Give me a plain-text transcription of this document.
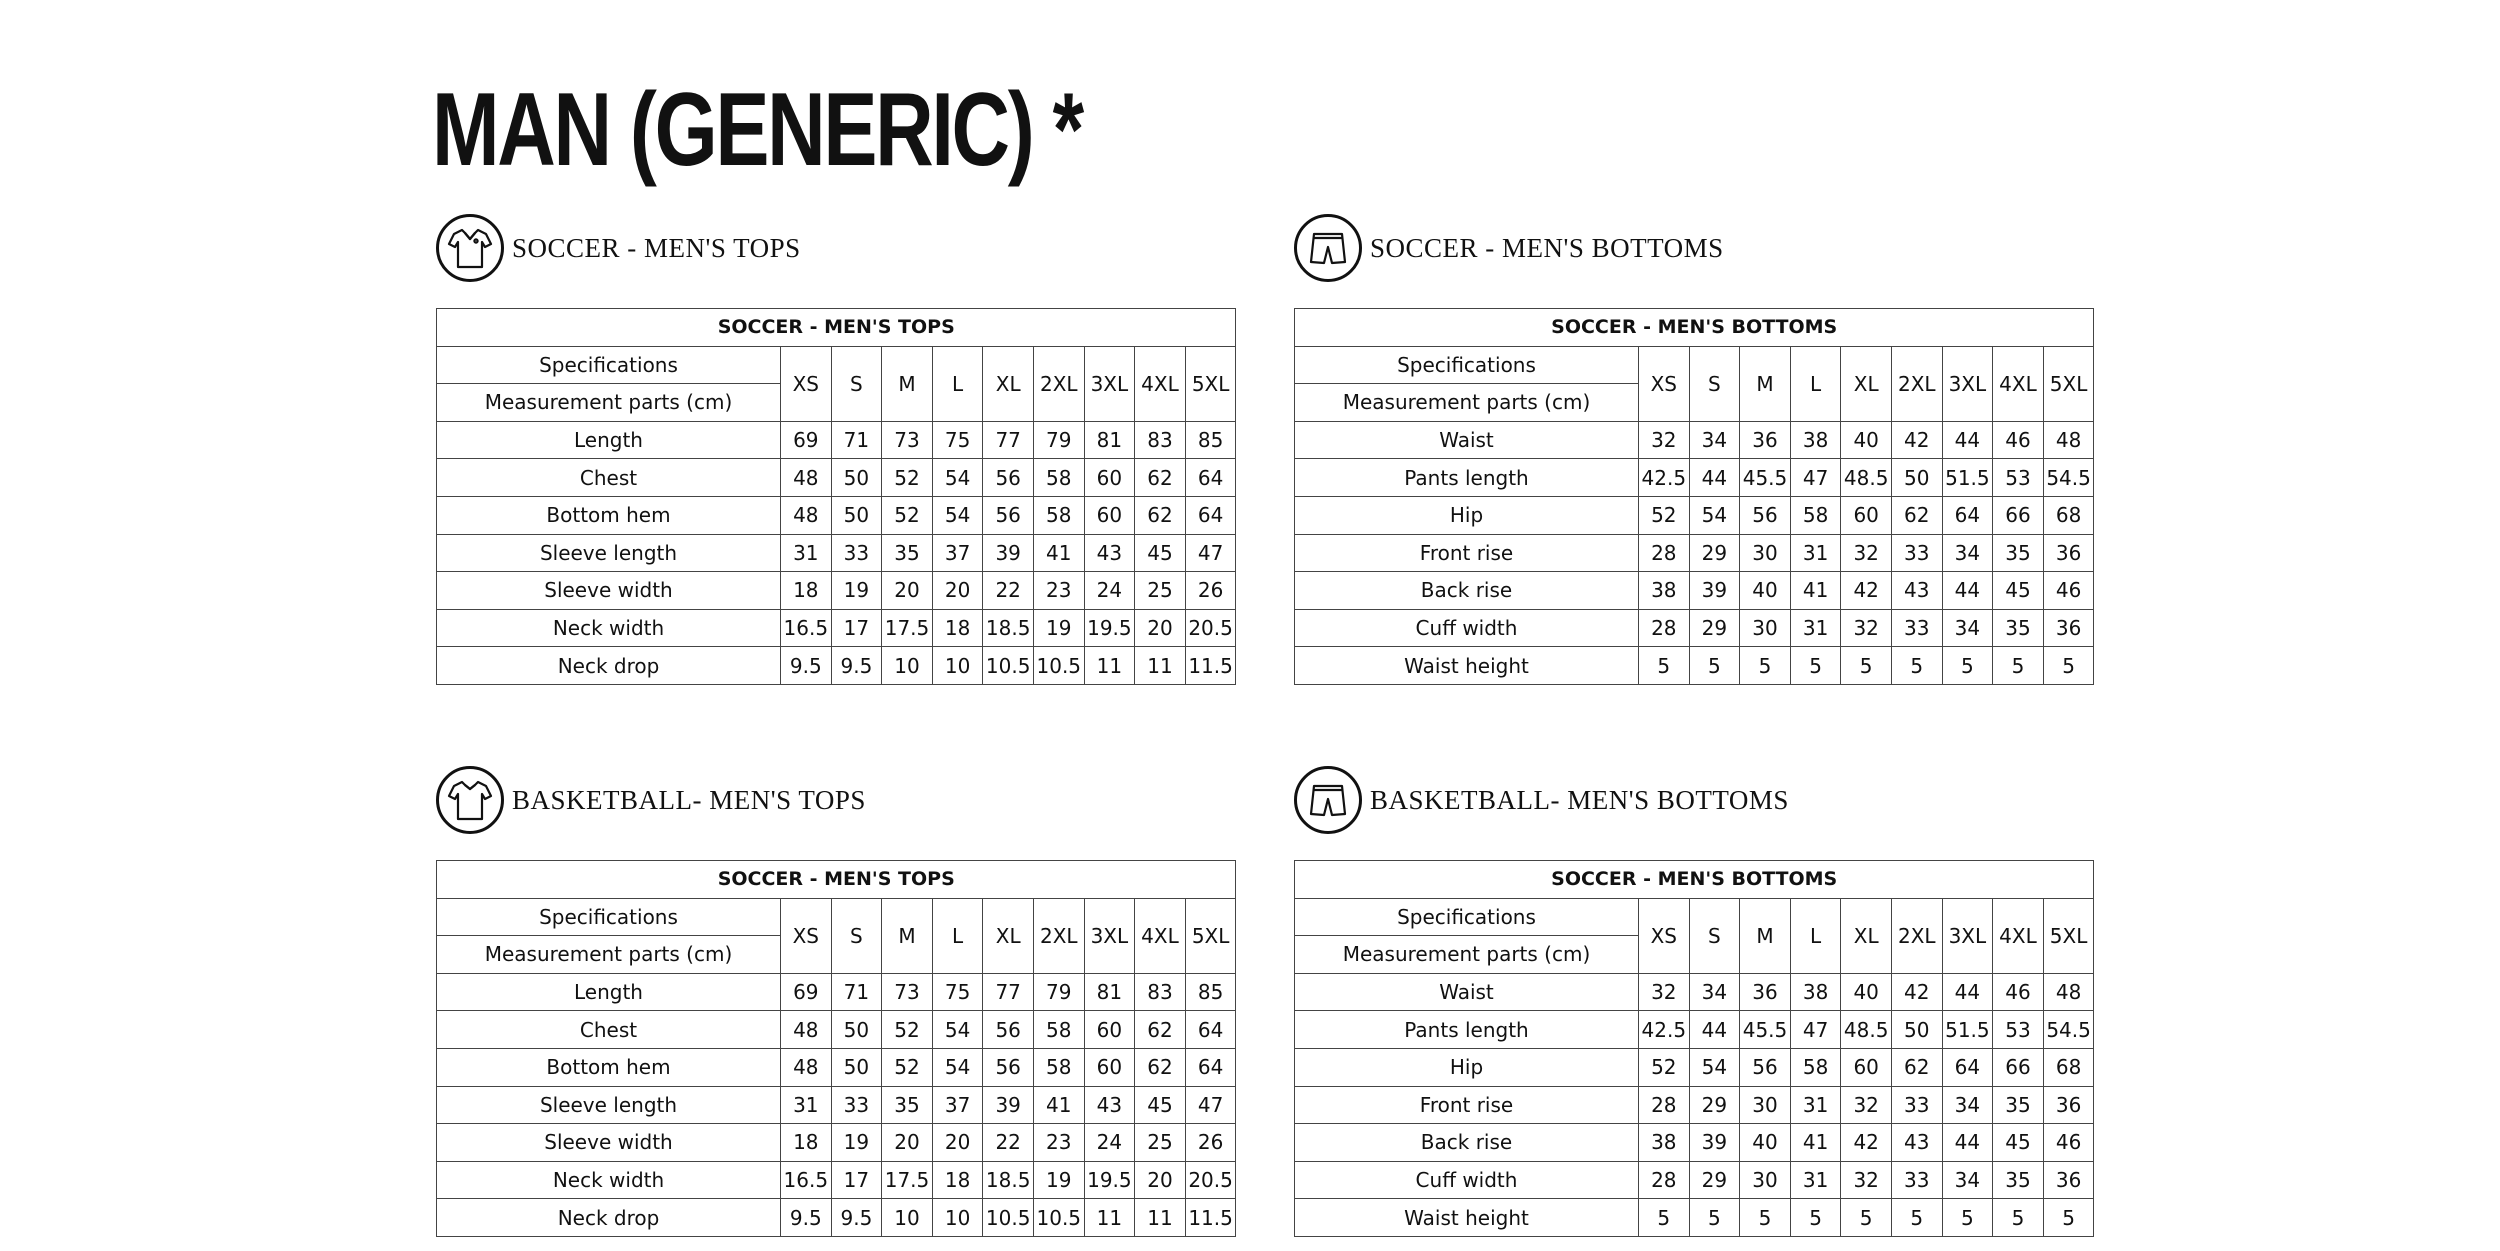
MAN (GENERIC) *
SOCCER - MEN'S TOPS
SOCCER - MEN'S TOPS									
Specifications	XS	S	M	L	XL	2XL	3XL	4XL	5XL
Measurement parts (cm)									
Length	69	71	73	75	77	79	81	83	85
Chest	48	50	52	54	56	58	60	62	64
Bottom hem	48	50	52	54	56	58	60	62	64
Sleeve length	31	33	35	37	39	41	43	45	47
Sleeve width	18	19	20	20	22	23	24	25	26
Neck width	16.5	17	17.5	18	18.5	19	19.5	20	20.5
Neck drop	9.5	9.5	10	10	10.5	10.5	11	11	11.5
SOCCER - MEN'S BOTTOMS
SOCCER - MEN'S BOTTOMS									
Specifications	XS	S	M	L	XL	2XL	3XL	4XL	5XL
Measurement parts (cm)									
Waist	32	34	36	38	40	42	44	46	48
Pants length	42.5	44	45.5	47	48.5	50	51.5	53	54.5
Hip	52	54	56	58	60	62	64	66	68
Front rise	28	29	30	31	32	33	34	35	36
Back rise	38	39	40	41	42	43	44	45	46
Cuff width	28	29	30	31	32	33	34	35	36
Waist height	5	5	5	5	5	5	5	5	5
BASKETBALL- MEN'S TOPS
SOCCER - MEN'S TOPS									
Specifications	XS	S	M	L	XL	2XL	3XL	4XL	5XL
Measurement parts (cm)									
Length	69	71	73	75	77	79	81	83	85
Chest	48	50	52	54	56	58	60	62	64
Bottom hem	48	50	52	54	56	58	60	62	64
Sleeve length	31	33	35	37	39	41	43	45	47
Sleeve width	18	19	20	20	22	23	24	25	26
Neck width	16.5	17	17.5	18	18.5	19	19.5	20	20.5
Neck drop	9.5	9.5	10	10	10.5	10.5	11	11	11.5
BASKETBALL- MEN'S BOTTOMS
SOCCER - MEN'S BOTTOMS									
Specifications	XS	S	M	L	XL	2XL	3XL	4XL	5XL
Measurement parts (cm)									
Waist	32	34	36	38	40	42	44	46	48
Pants length	42.5	44	45.5	47	48.5	50	51.5	53	54.5
Hip	52	54	56	58	60	62	64	66	68
Front rise	28	29	30	31	32	33	34	35	36
Back rise	38	39	40	41	42	43	44	45	46
Cuff width	28	29	30	31	32	33	34	35	36
Waist height	5	5	5	5	5	5	5	5	5
